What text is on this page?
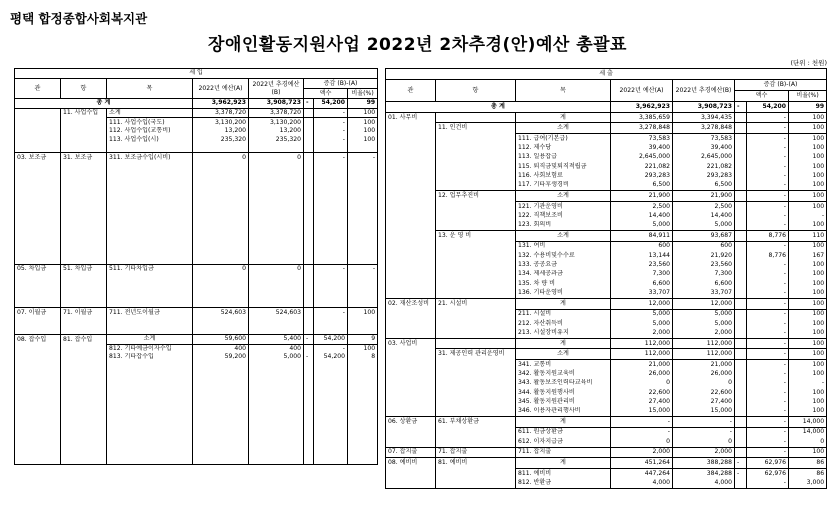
평택 합정종합사회복지관
장애인활동지원사업 2022년 2차추경(안)예산 총괄표
(단위 : 천원)
세 입							
관	항	목	2022년 예산(A)	2022년 추경예산(B)	증감 (B)-(A)		
					액수		비율(%)
총 계			3,962,923	3,908,723	-	54,200	99
	11. 사업수입	소계	3,378,720	3,378,720		-	100
		111. 사업수입(국도)	3,130,200	3,130,200		-	100
		112. 사업수입(교통비)	13,200	13,200		-	100
		113. 사업수입(시)	235,320	235,320		-	100

03. 보조금	31. 보조금	311. 보조금수입(시비)	0	0		-	-

05. 차입금	51. 차입금	511. 기타차입금	0	0		-	-

07. 이월금	71. 이월금	711. 전년도이월금	524,603	524,603		-	100

08. 잡수입	81. 잡수입	소계	59,600	5,400	-	54,200	9
		812. 기타예금이자수입	400	400		-	100
		813. 기타잡수입	59,200	5,000	-	54,200	8

세 출							
관	항	목	2022년 예산(A)	2022년 추경예산(B)	증감 (B)-(A)		
					액수		비율(%)
총 계			3,962,923	3,908,723	-	54,200	99
01. 사무비		계	3,385,659	3,394,435		-	100
	11. 인건비	소계	3,278,848	3,278,848		-	100
		111. 급여(기본급)	73,583	73,583		-	100
		112. 제수당	39,400	39,400		-	100
		113. 일용잡급	2,645,000	2,645,000		-	100
		115. 퇴직금및퇴직적립금	221,082	221,082		-	100
		116. 사회보험료	293,283	293,283		-	100
		117. 기타후생경비	6,500	6,500		-	100
	12. 업무추진비	소계	21,900	21,900		-	100
		121. 기관운영비	2,500	2,500		-	100
		122. 직책보조비	14,400	14,400		-	-
		123. 회의비	5,000	5,000		-	100
	13. 운 영 비	소계	84,911	93,687		8,776	110
		131. 여비	600	600		-	100
		132. 수용비및수수료	13,144	21,920		8,776	167
		133. 공공요금	23,560	23,560		-	100
		134. 제세공과금	7,300	7,300		-	100
		135. 차 량 비	6,600	6,600		-	100
		136. 기타운영비	33,707	33,707		-	100
02. 재산조성비	21. 시설비	계	12,000	12,000		-	100
		211. 시설비	5,000	5,000		-	100
		212. 자산취득비	5,000	5,000		-	100
		213. 시설장비유지	2,000	2,000		-	100
03. 사업비		계	112,000	112,000		-	100
	31. 제공인력 관리운영비	소계	112,000	112,000		-	100
		341. 교통비	21,000	21,000		-	100
		342. 활동지원교육비	26,000	26,000		-	100
		343. 활동보조인력타교육비	0	0		-	-
		344. 활동지원행사비	22,600	22,600		-	100
		345. 활동지원관리비	27,400	27,400		-	100
		346. 이용자관리행사비	15,000	15,000		-	100
06. 상환금	61. 부채상환금	계	-	-		-	14,000
		611. 원금상환금	-	-		-	14,000
		612. 이자지급금	0	0		-	0
07. 잡지출	71. 잡지출	711. 잡지출	2,000	2,000		-	100
08. 예비비	81. 예비비	계	451,264	388,288	-	62,976	86
		811. 예비비	447,264	384,288	-	62,976	86
		812. 반환금	4,000	4,000		-	3,000
